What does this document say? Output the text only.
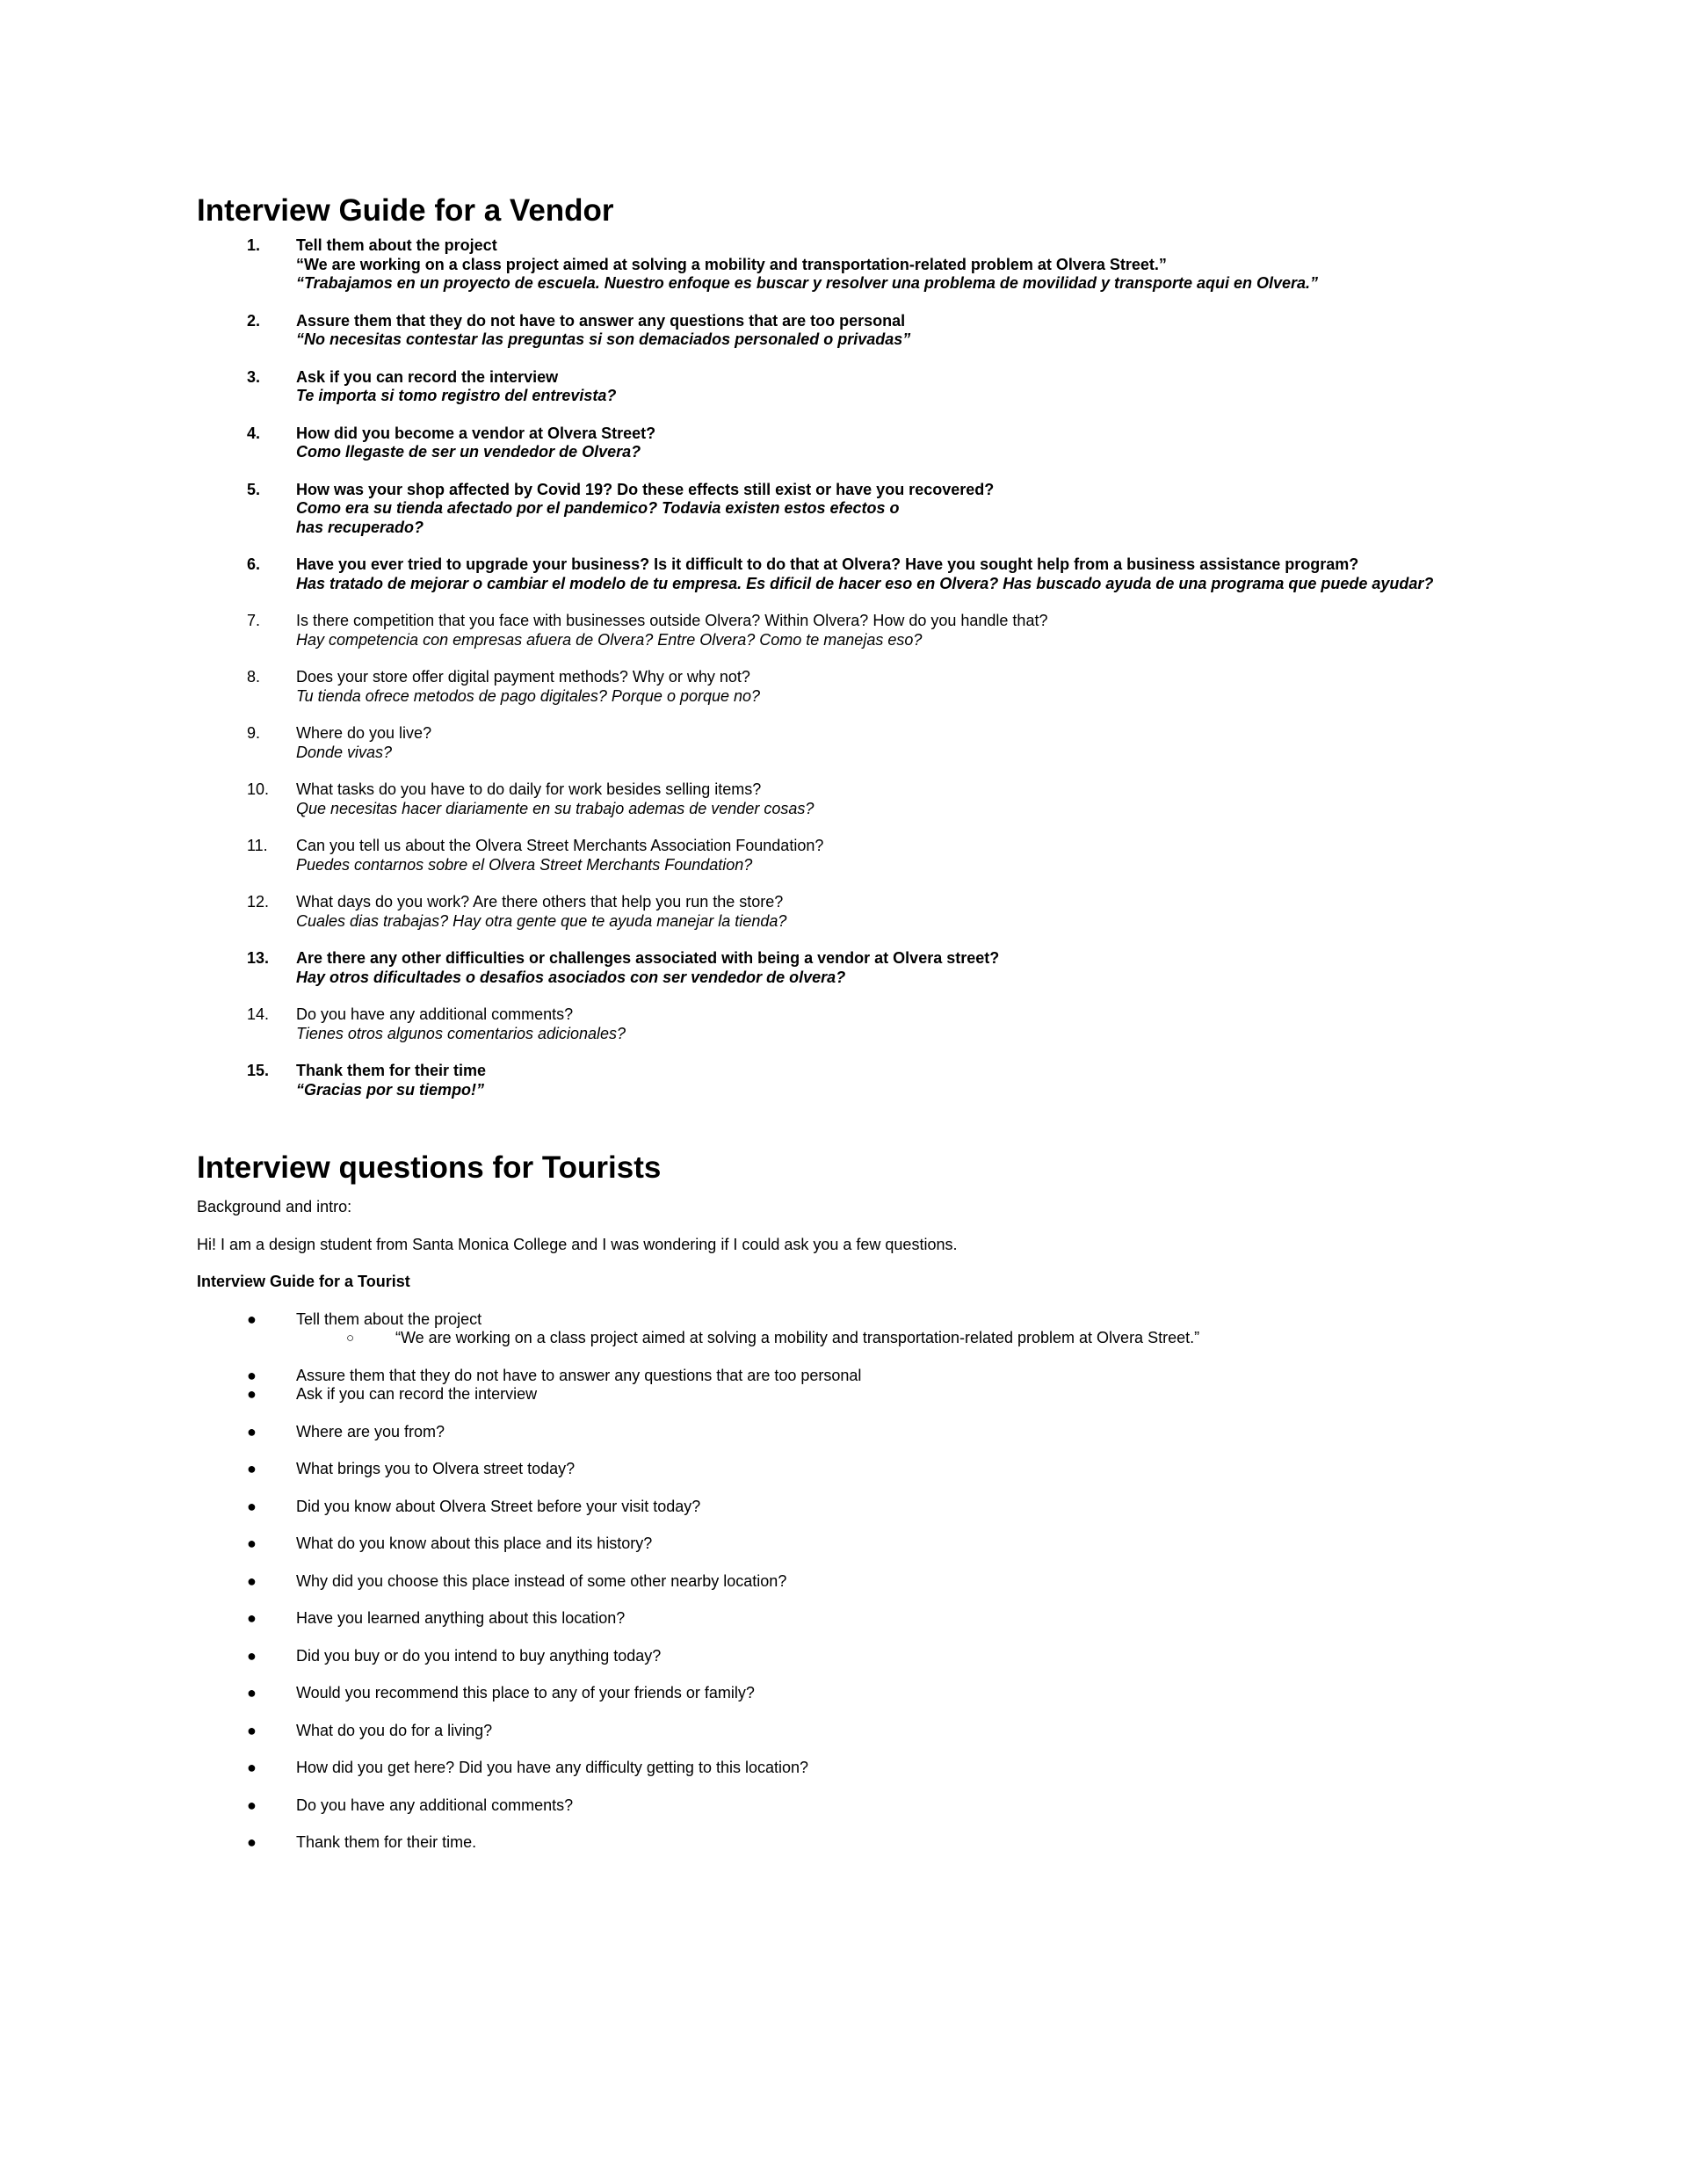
Interview Guide for a Vendor
1. Tell them about the project
“We are working on a class project aimed at solving a mobility and transportation-related problem at Olvera Street.”
“Trabajamos en un proyecto de escuela. Nuestro enfoque es buscar y resolver una problema de movilidad y transporte aqui en Olvera.”
2. Assure them that they do not have to answer any questions that are too personal
“No necesitas contestar las preguntas si son demaciados personaled o privadas”
3. Ask if you can record the interview
Te importa si tomo registro del entrevista?
4. How did you become a vendor at Olvera Street?
Como llegaste de ser un vendedor de Olvera?
5. How was your shop affected by Covid 19? Do these effects still exist or have you recovered?
Como era su tienda afectado por el pandemico? Todavia existen estos efectos o
has recuperado?
6. Have you ever tried to upgrade your business? Is it difficult to do that at Olvera? Have you sought help from a business assistance program?
Has tratado de mejorar o cambiar el modelo de tu empresa. Es dificil de hacer eso en Olvera? Has buscado ayuda de una programa que puede ayudar?
7. Is there competition that you face with businesses outside Olvera? Within Olvera? How do you handle that?
Hay competencia con empresas afuera de Olvera? Entre Olvera? Como te manejas eso?
8. Does your store offer digital payment methods? Why or why not?
Tu tienda ofrece metodos de pago digitales? Porque o porque no?
9. Where do you live?
Donde vivas?
10. What tasks do you have to do daily for work besides selling items?
Que necesitas hacer diariamente en su trabajo ademas de vender cosas?
11. Can you tell us about the Olvera Street Merchants Association Foundation?
Puedes contarnos sobre el Olvera Street Merchants Foundation?
12. What days do you work? Are there others that help you run the store?
Cuales dias trabajas? Hay otra gente que te ayuda manejar la tienda?
13. Are there any other difficulties or challenges associated with being a vendor at Olvera street?
Hay otros dificultades o desafios asociados con ser vendedor de olvera?
14. Do you have any additional comments?
Tienes otros algunos comentarios adicionales?
15. Thank them for their time
“Gracias por su tiempo!”
Interview questions for Tourists

Background and intro:

Hi! I am a design student from Santa Monica College and I was wondering if I could ask you a few questions.

Interview Guide for a Tourist

●	Tell them about the project
○	“We are working on a class project aimed at solving a mobility and transportation-related problem at Olvera Street.”
●	Assure them that they do not have to answer any questions that are too personal
●	Ask if you can record the interview
●	Where are you from?
●	What brings you to Olvera street today?
●	Did you know about Olvera Street before your visit today?
●	What do you know about this place and its history?
●	Why did you choose this place instead of some other nearby location?
●	Have you learned anything about this location?
●	Did you buy or do you intend to buy anything today?
●	Would you recommend this place to any of your friends or family?
●	What do you do for a living?
●	How did you get here? Did you have any difficulty getting to this location?
●	Do you have any additional comments?
●	Thank them for their time.
